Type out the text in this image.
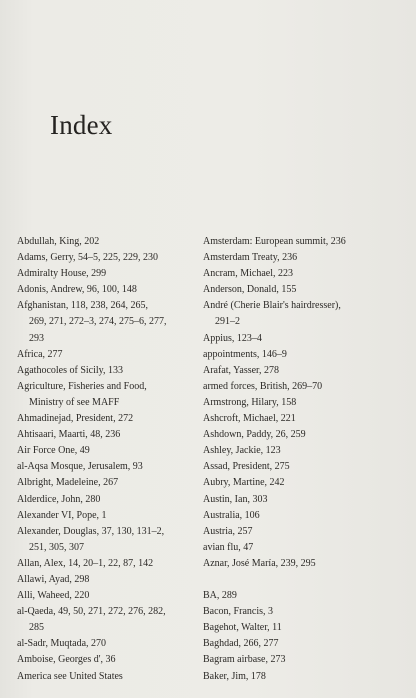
Index
Abdullah, King, 202
Adams, Gerry, 54–5, 225, 229, 230
Admiralty House, 299
Adonis, Andrew, 96, 100, 148
Afghanistan, 118, 238, 264, 265,
269, 271, 272–3, 274, 275–6, 277,
293
Africa, 277
Agathocoles of Sicily, 133
Agriculture, Fisheries and Food,
Ministry of see MAFF
Ahmadinejad, President, 272
Ahtisaari, Maarti, 48, 236
Air Force One, 49
al-Aqsa Mosque, Jerusalem, 93
Albright, Madeleine, 267
Alderdice, John, 280
Alexander VI, Pope, 1
Alexander, Douglas, 37, 130, 131–2,
251, 305, 307
Allan, Alex, 14, 20–1, 22, 87, 142
Allawi, Ayad, 298
Alli, Waheed, 220
al-Qaeda, 49, 50, 271, 272, 276, 282,
285
al-Sadr, Muqtada, 270
Amboise, Georges d', 36
America see United States
Amsterdam: European summit, 236
Amsterdam Treaty, 236
Ancram, Michael, 223
Anderson, Donald, 155
André (Cherie Blair's hairdresser),
291–2
Appius, 123–4
appointments, 146–9
Arafat, Yasser, 278
armed forces, British, 269–70
Armstrong, Hilary, 158
Ashcroft, Michael, 221
Ashdown, Paddy, 26, 259
Ashley, Jackie, 123
Assad, President, 275
Aubry, Martine, 242
Austin, Ian, 303
Australia, 106
Austria, 257
avian flu, 47
Aznar, José María, 239, 295
BA, 289
Bacon, Francis, 3
Bagehot, Walter, 11
Baghdad, 266, 277
Bagram airbase, 273
Baker, Jim, 178
